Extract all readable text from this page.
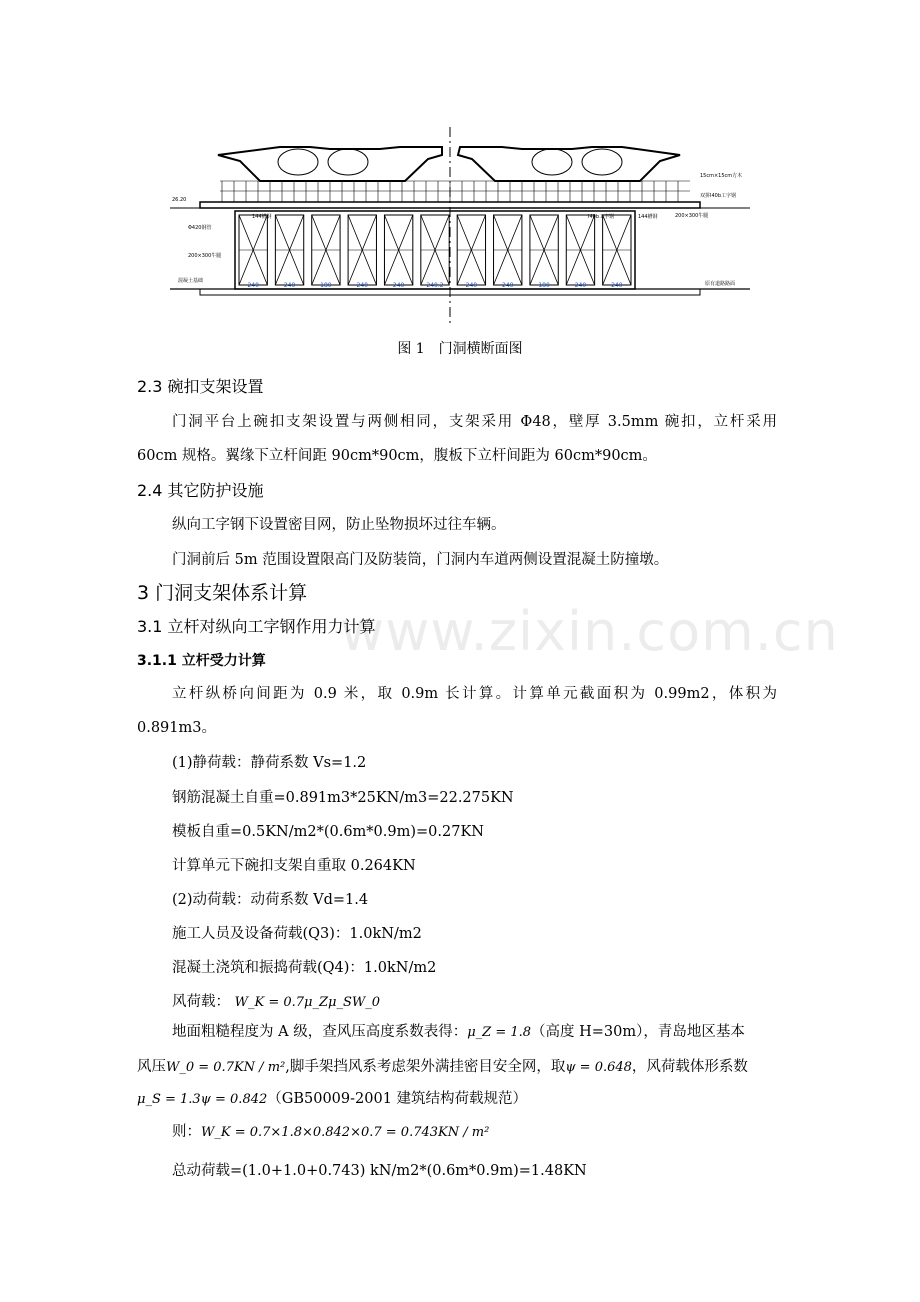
26.20
Φ420钢管
200×300牛腿
混凝土基础
144槽钢
15cm×15cm方木
双拼I40b工字钢
200×300牛腿
I40b工字钢	144槽钢
原有道路路面
240	240	180	240	240	240.2	240	240	180	240	240
图 1　门洞横断面图
www.zixin.com.cn
2.3 碗扣支架设置
门洞平台上碗扣支架设置与两侧相同，支架采用 Φ48，壁厚 3.5mm 碗扣，立杆采用
60cm 规格。翼缘下立杆间距 90cm*90cm，腹板下立杆间距为 60cm*90cm。
2.4 其它防护设施
纵向工字钢下设置密目网，防止坠物损坏过往车辆。
门洞前后 5m 范围设置限高门及防装筒，门洞内车道两侧设置混凝土防撞墩。
3 门洞支架体系计算
3.1 立杆对纵向工字钢作用力计算
3.1.1 立杆受力计算
立杆纵桥向间距为 0.9 米，取 0.9m 长计算。计算单元截面积为 0.99m2，体积为
0.891m3。
(1)静荷载：静荷系数 Vs=1.2
钢筋混凝土自重=0.891m3*25KN/m3=22.275KN
模板自重=0.5KN/m2*(0.6m*0.9m)=0.27KN
计算单元下碗扣支架自重取 0.264KN
(2)动荷载：动荷系数 Vd=1.4
施工人员及设备荷载(Q3)：1.0kN/m2
混凝土浇筑和振捣荷载(Q4)：1.0kN/m2
风荷载： W_K = 0.7μ_Zμ_SW_0
地面粗糙程度为 A 级，查风压高度系数表得：μ_Z = 1.8（高度 H=30m），青岛地区基本
风压W_0 = 0.7KN / m²,脚手架挡风系考虑架外满挂密目安全网，取ψ = 0.648，风荷载体形系数
μ_S = 1.3ψ = 0.842（GB50009-2001 建筑结构荷载规范）
则：W_K = 0.7×1.8×0.842×0.7 = 0.743KN / m²
总动荷载=(1.0+1.0+0.743) kN/m2*(0.6m*0.9m)=1.48KN
